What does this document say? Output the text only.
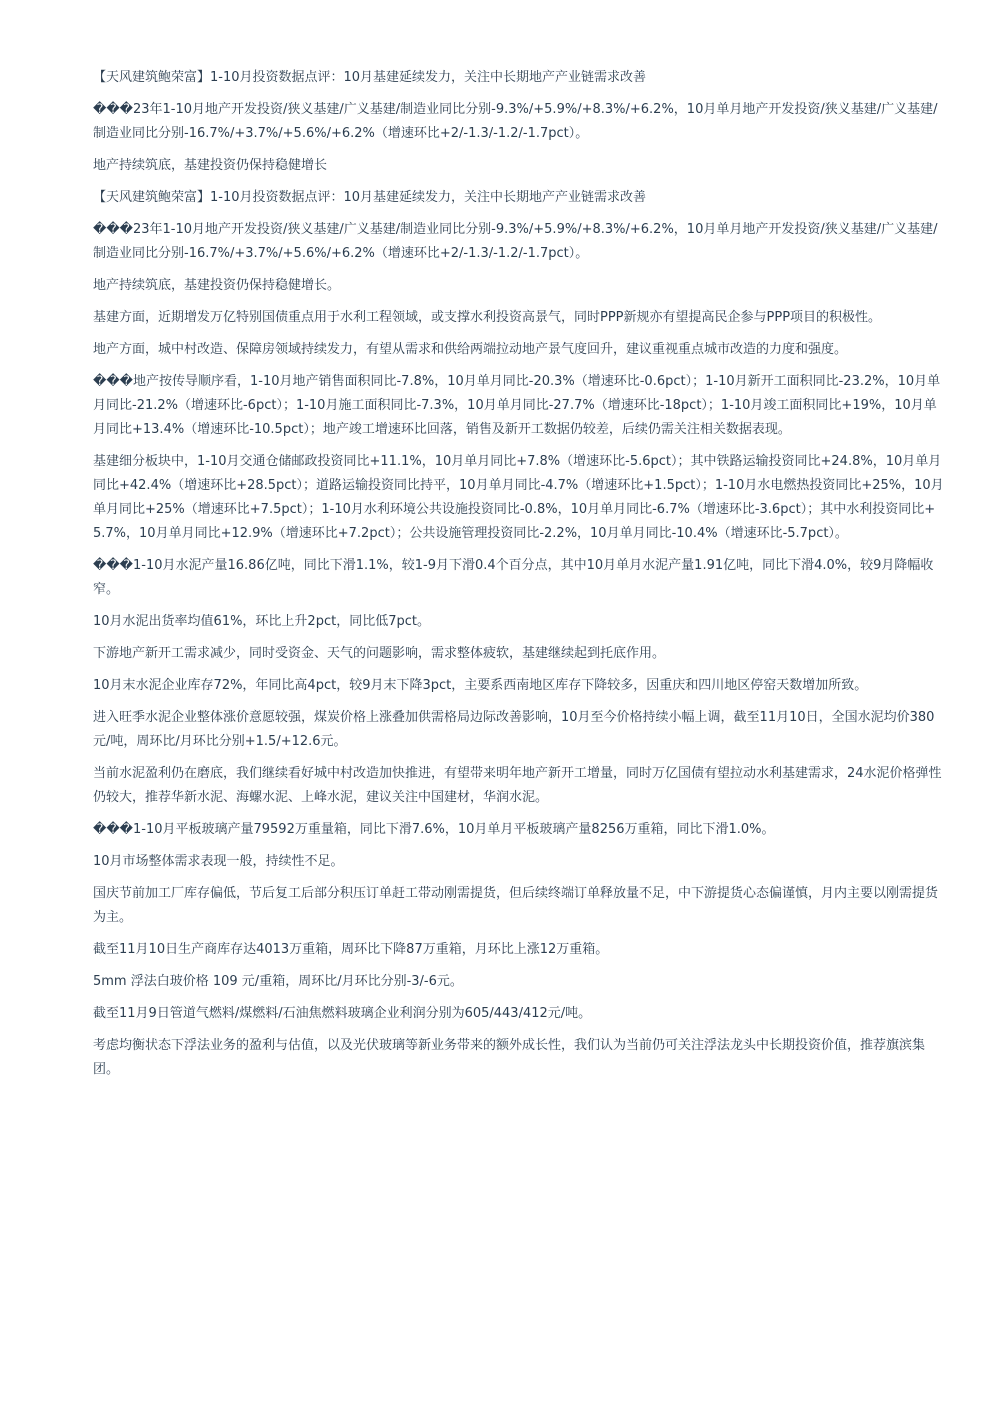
【天风建筑鲍荣富】1-10月投资数据点评：10月基建延续发力，关注中长期地产产业链需求改善

���23年1-10月地产开发投资/狭义基建/广义基建/制造业同比分别-9.3%/+5.9%/+8.3%/+6.2%，10月单月地产开发投资/狭义基建/广义基建/制造业同比分别-16.7%/+3.7%/+5.6%/+6.2%（增速环比+2/-1.3/-1.2/-1.7pct）。

地产持续筑底，基建投资仍保持稳健增长

【天风建筑鲍荣富】1-10月投资数据点评：10月基建延续发力，关注中长期地产产业链需求改善

���23年1-10月地产开发投资/狭义基建/广义基建/制造业同比分别-9.3%/+5.9%/+8.3%/+6.2%，10月单月地产开发投资/狭义基建/广义基建/制造业同比分别-16.7%/+3.7%/+5.6%/+6.2%（增速环比+2/-1.3/-1.2/-1.7pct）。

地产持续筑底，基建投资仍保持稳健增长。

基建方面，近期增发万亿特别国债重点用于水利工程领域，或支撑水利投资高景气，同时PPP新规亦有望提高民企参与PPP项目的积极性。

地产方面，城中村改造、保障房领域持续发力，有望从需求和供给两端拉动地产景气度回升，建议重视重点城市改造的力度和强度。

���地产按传导顺序看，1-10月地产销售面积同比-7.8%，10月单月同比-20.3%（增速环比-0.6pct）；1-10月新开工面积同比-23.2%，10月单月同比-21.2%（增速环比-6pct）；1-10月施工面积同比-7.3%，10月单月同比-27.7%（增速环比-18pct）；1-10月竣工面积同比+19%，10月单月同比+13.4%（增速环比-10.5pct）；地产竣工增速环比回落，销售及新开工数据仍较差，后续仍需关注相关数据表现。

基建细分板块中，1-10月交通仓储邮政投资同比+11.1%，10月单月同比+7.8%（增速环比-5.6pct）；其中铁路运输投资同比+24.8%，10月单月同比+42.4%（增速环比+28.5pct）；道路运输投资同比持平，10月单月同比-4.7%（增速环比+1.5pct）；1-10月水电燃热投资同比+25%，10月单月同比+25%（增速环比+7.5pct）；1-10月水利环境公共设施投资同比-0.8%，10月单月同比-6.7%（增速环比-3.6pct）；其中水利投资同比+5.7%，10月单月同比+12.9%（增速环比+7.2pct）；公共设施管理投资同比-2.2%，10月单月同比-10.4%（增速环比-5.7pct）。

���1-10月水泥产量16.86亿吨，同比下滑1.1%，较1-9月下滑0.4个百分点，其中10月单月水泥产量1.91亿吨，同比下滑4.0%，较9月降幅收窄。

10月水泥出货率均值61%，环比上升2pct，同比低7pct。

下游地产新开工需求减少，同时受资金、天气的问题影响，需求整体疲软，基建继续起到托底作用。

10月末水泥企业库存72%，年同比高4pct，较9月末下降3pct，主要系西南地区库存下降较多，因重庆和四川地区停窑天数增加所致。

进入旺季水泥企业整体涨价意愿较强，煤炭价格上涨叠加供需格局边际改善影响，10月至今价格持续小幅上调，截至11月10日，全国水泥均价380元/吨，周环比/月环比分别+1.5/+12.6元。

当前水泥盈利仍在磨底，我们继续看好城中村改造加快推进，有望带来明年地产新开工增量，同时万亿国债有望拉动水利基建需求，24水泥价格弹性仍较大，推荐华新水泥、海螺水泥、上峰水泥，建议关注中国建材，华润水泥。

���1-10月平板玻璃产量79592万重量箱，同比下滑7.6%，10月单月平板玻璃产量8256万重箱，同比下滑1.0%。

10月市场整体需求表现一般，持续性不足。

国庆节前加工厂库存偏低，节后复工后部分积压订单赶工带动刚需提货，但后续终端订单释放量不足，中下游提货心态偏谨慎，月内主要以刚需提货为主。

截至11月10日生产商库存达4013万重箱，周环比下降87万重箱，月环比上涨12万重箱。

5mm 浮法白玻价格 109 元/重箱，周环比/月环比分别-3/-6元。

截至11月9日管道气燃料/煤燃料/石油焦燃料玻璃企业利润分别为605/443/412元/吨。

考虑均衡状态下浮法业务的盈利与估值，以及光伏玻璃等新业务带来的额外成长性，我们认为当前仍可关注浮法龙头中长期投资价值，推荐旗滨集团。
